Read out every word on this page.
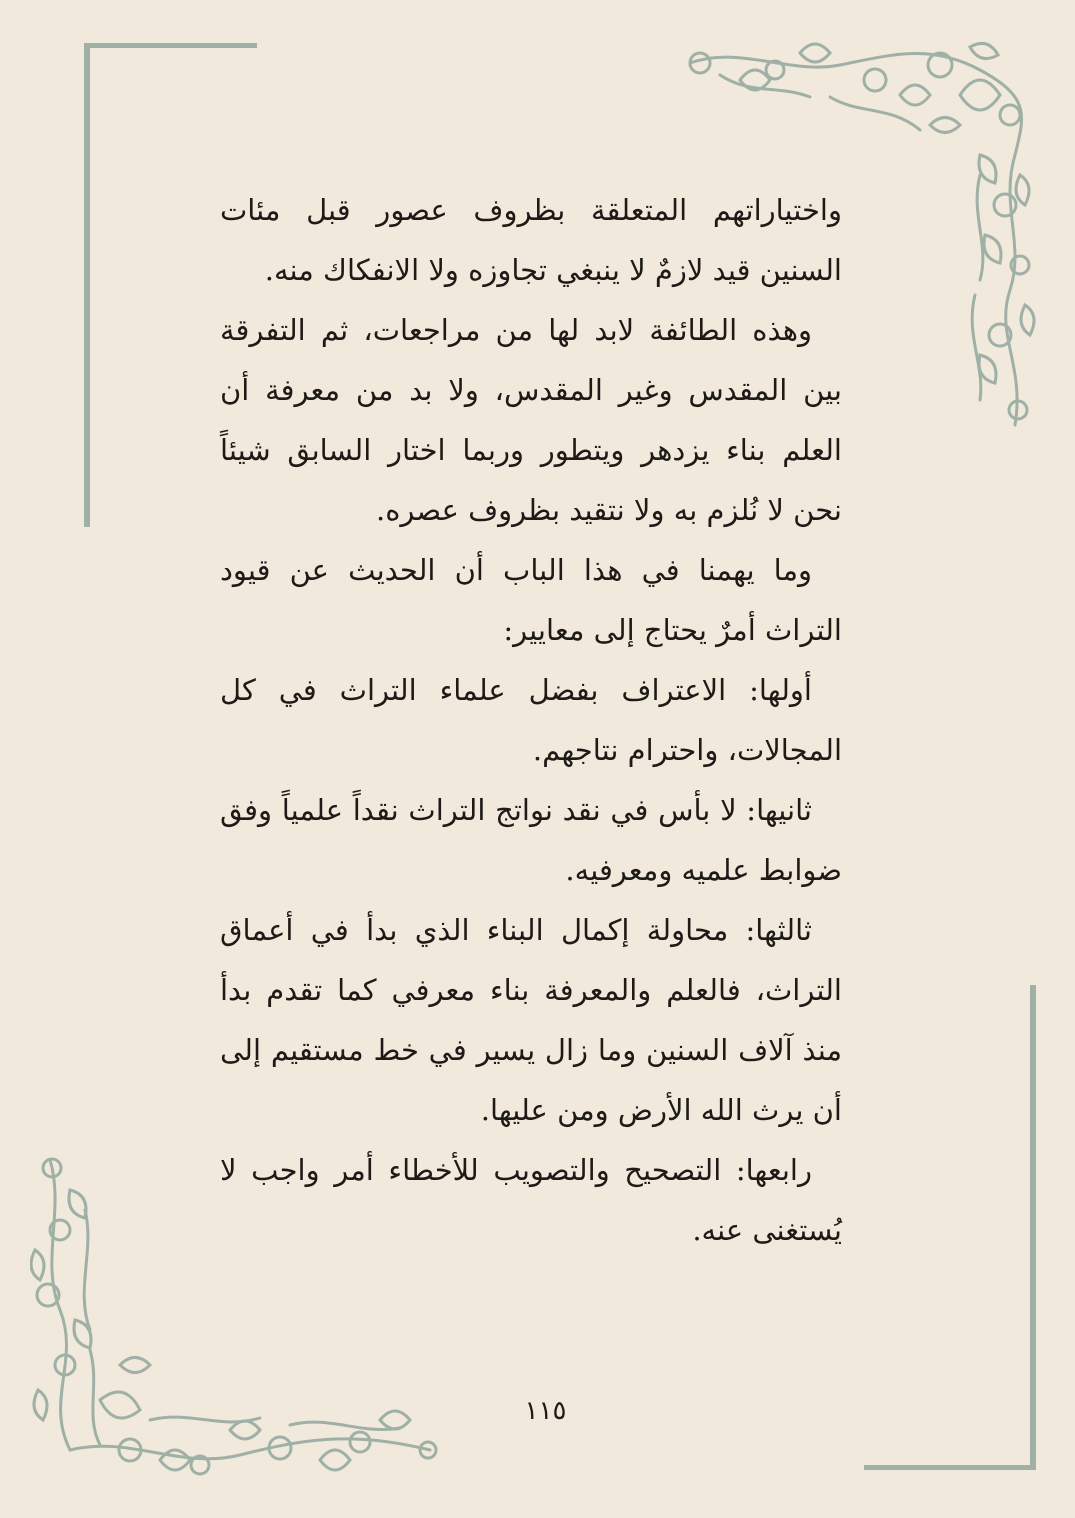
واختياراتهم المتعلقة بظروف عصور قبل مئات السنين قيد لازمٌ لا ينبغي تجاوزه ولا الانفكاك منه.

وهذه الطائفة لابد لها من مراجعات، ثم التفرقة بين المقدس وغير المقدس، ولا بد من معرفة أن العلم بناء يزدهر ويتطور وربما اختار السابق شيئاً نحن لا نُلزم به ولا نتقيد بظروف عصره.

وما يهمنا في هذا الباب أن الحديث عن قيود التراث أمرٌ يحتاج إلى معايير:

أولها: الاعتراف بفضل علماء التراث في كل المجالات، واحترام نتاجهم.

ثانيها: لا بأس في نقد نواتج التراث نقداً علمياً وفق ضوابط علميه ومعرفيه.

ثالثها: محاولة إكمال البناء الذي بدأ في أعماق التراث، فالعلم والمعرفة بناء معرفي كما تقدم بدأ منذ آلاف السنين وما زال يسير في خط مستقيم إلى أن يرث الله الأرض ومن عليها.

رابعها: التصحيح والتصويب للأخطاء أمر واجب لا يُستغنى عنه.

١١٥
